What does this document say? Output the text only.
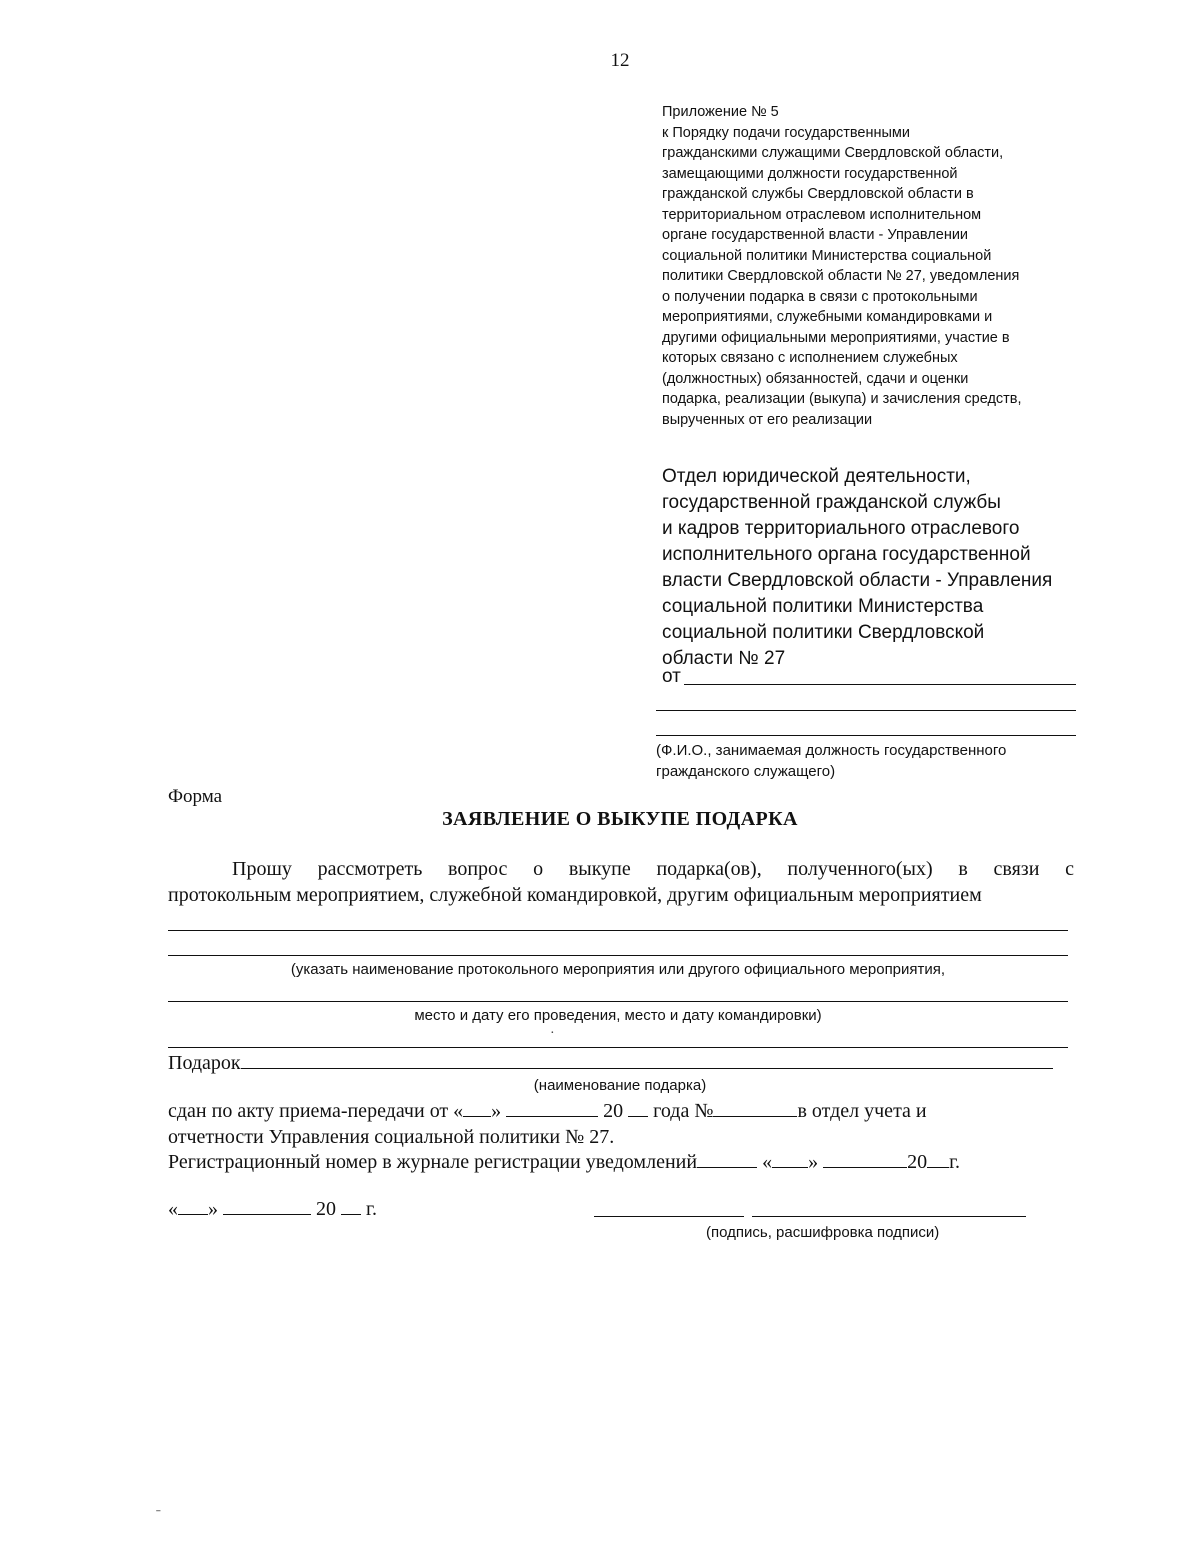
12
Приложение № 5
к Порядку подачи государственными
гражданскими служащими Свердловской области,
замещающими должности государственной
гражданской службы Свердловской области в
территориальном отраслевом исполнительном
органе государственной власти - Управлении
социальной политики Министерства социальной
политики Свердловской области № 27, уведомления
о получении подарка в связи с протокольными
мероприятиями, служебными командировками и
другими официальными мероприятиями, участие в
которых связано с исполнением служебных
(должностных) обязанностей, сдачи и оценки
подарка, реализации (выкупа) и зачисления средств,
вырученных от его реализации
Отдел юридической деятельности,
государственной гражданской службы
и кадров территориального отраслевого
исполнительного органа государственной
власти Свердловской области - Управления
социальной политики Министерства
социальной политики Свердловской
области № 27
от
(Ф.И.О., занимаемая должность государственного
гражданского служащего)
Форма
ЗАЯВЛЕНИЕ О ВЫКУПЕ ПОДАРКА
Прошу рассмотреть вопрос о выкупе подарка(ов), полученного(ых) в связи с
протокольным мероприятием, служебной командировкой, другим официальным мероприятием
(указать наименование протокольного мероприятия или другого официального мероприятия,
место и дату его проведения, место и дату командировки)
·
Подарок
(наименование подарка)
сдан по акту приема-передачи от « »	20 года №	в отдел учета и
отчетности Управления социальной политики № 27.
Регистрационный номер в журнале регистрации уведомлений	« »	20 г.
« »	20 г.
(подпись, расшифровка подписи)
ˉ
